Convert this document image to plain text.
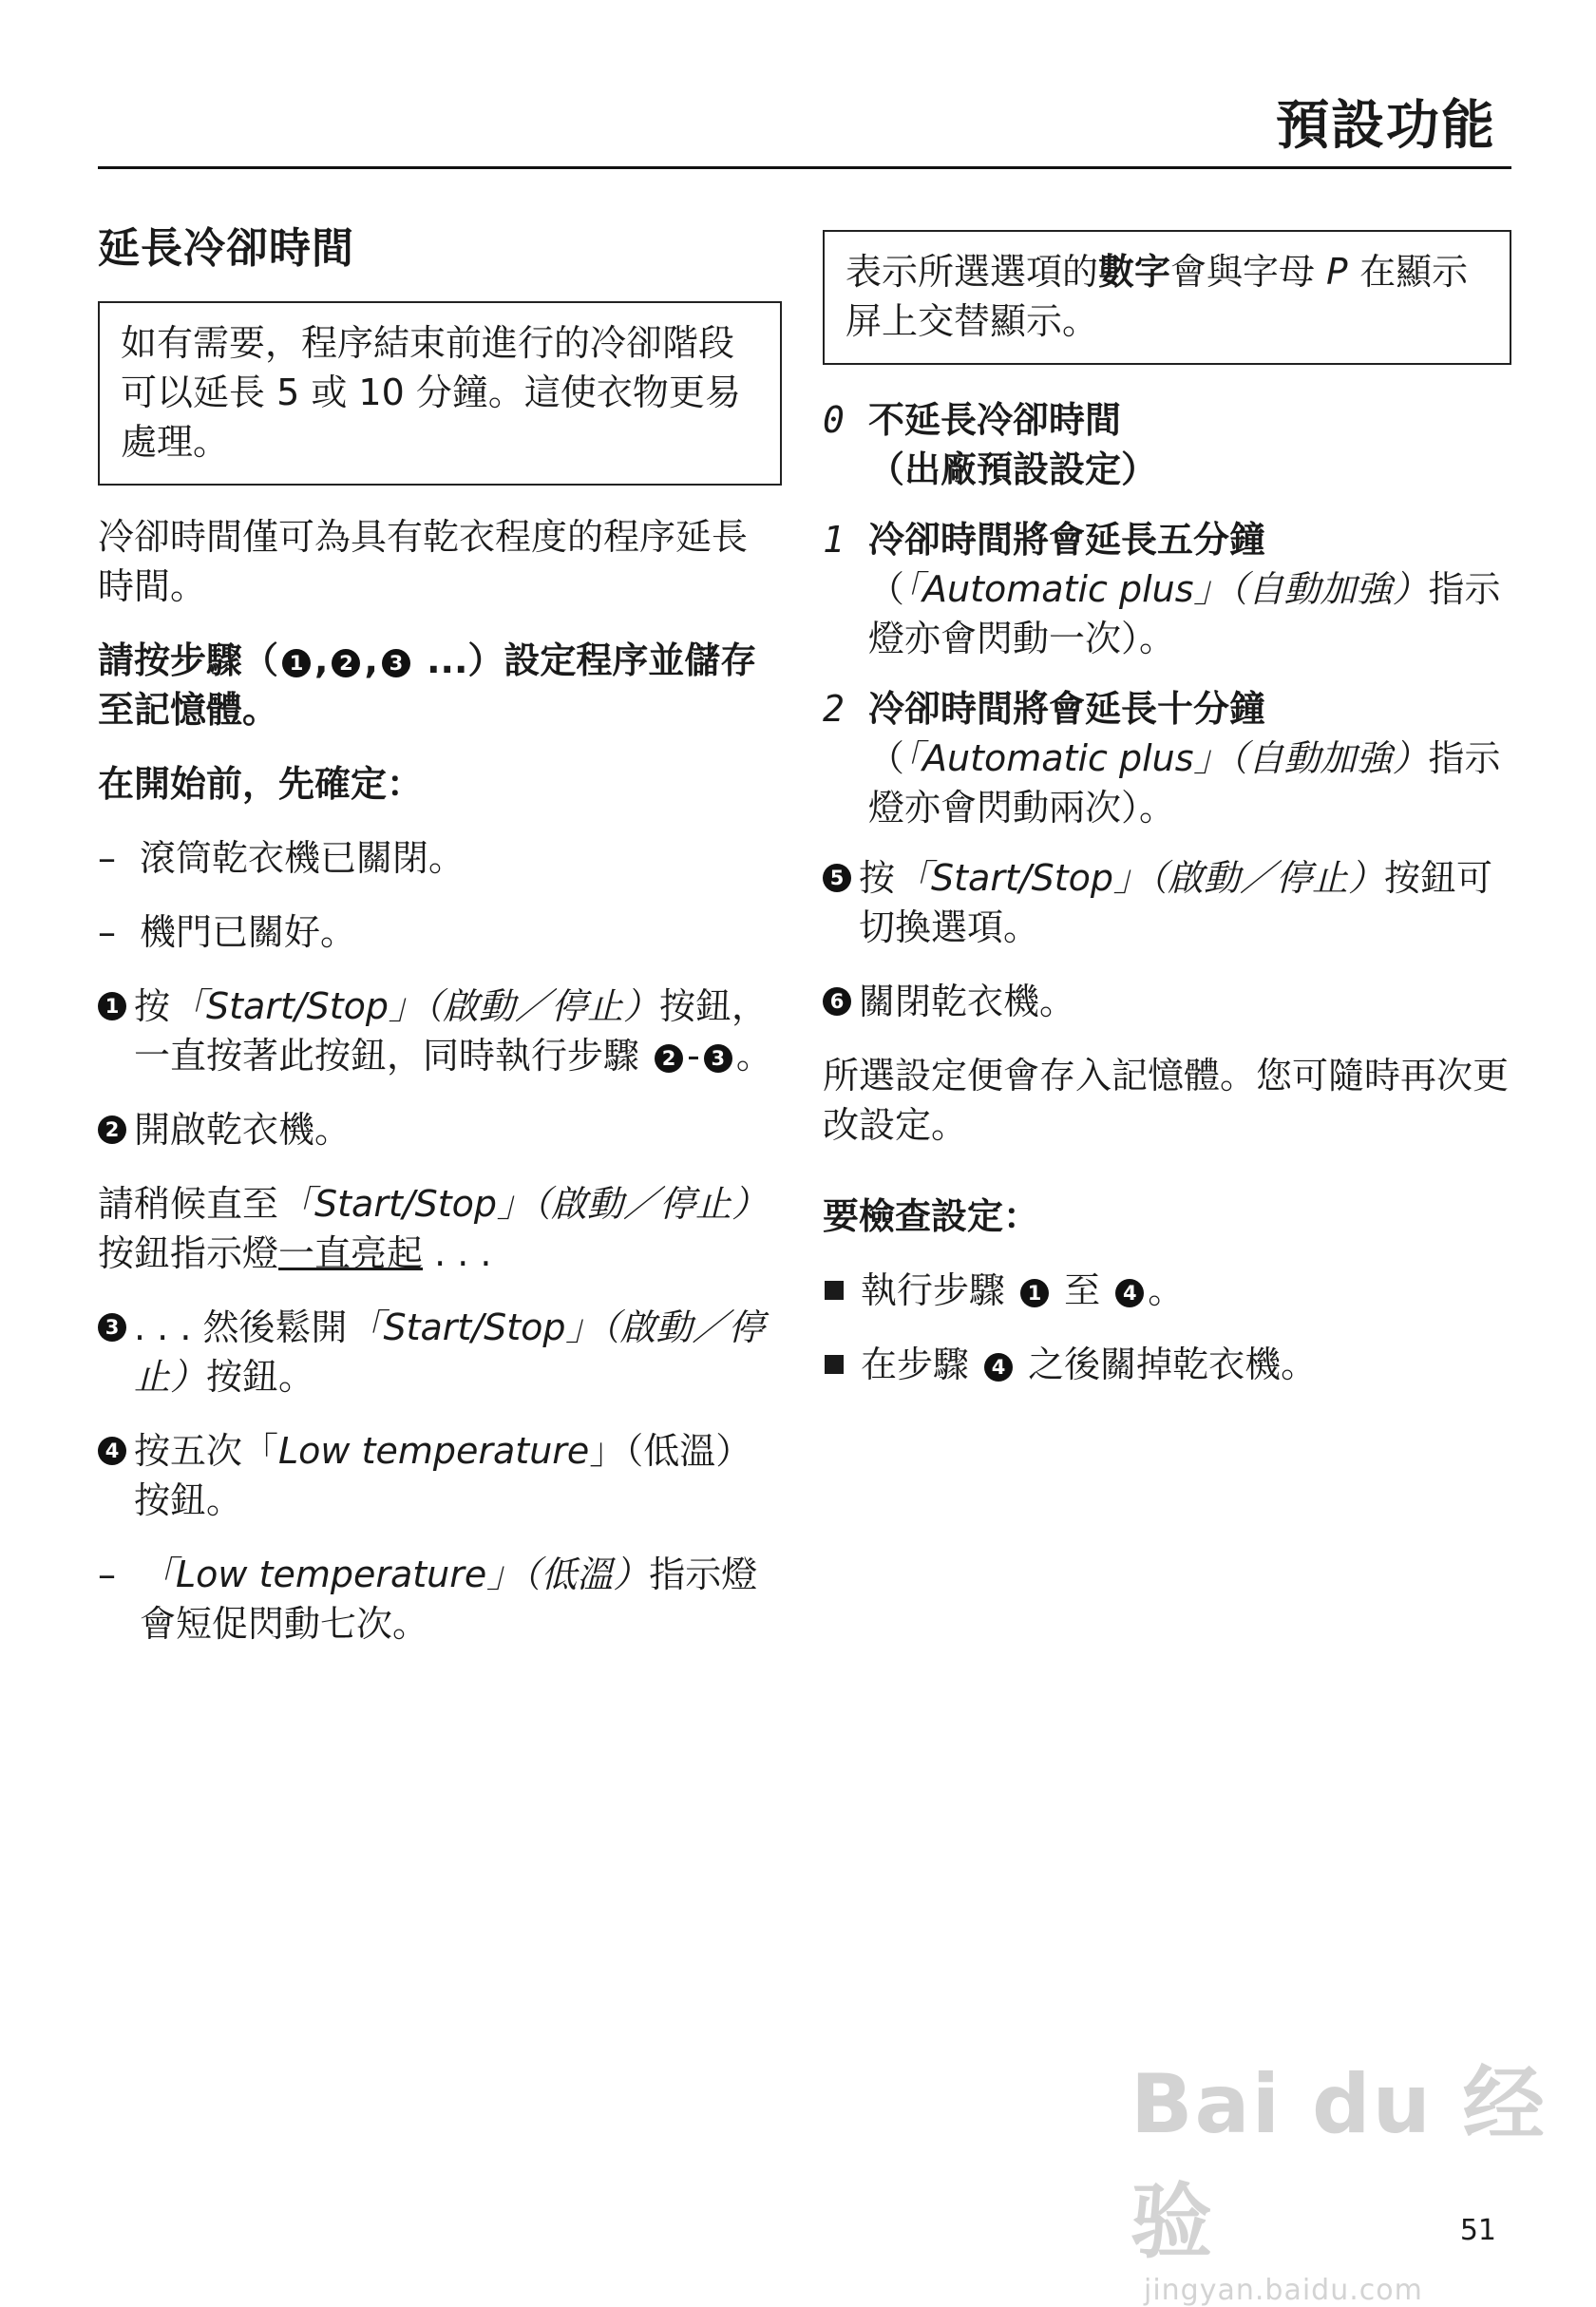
預設功能
延長冷卻時間
如有需要，程序結束前進行的冷卻階段可以延長 5 或 10 分鐘。這使衣物更易處理。
冷卻時間僅可為具有乾衣程度的程序延長時間。
請按步驟（ 1 , 2 , 3 ...）設定程序並儲存至記憶體。
在開始前，先確定：
– 滾筒乾衣機已關閉。
– 機門已關好。
1 按「Start/Stop」（啟動／停止）按鈕，一直按著此按鈕，同時執行步驟 2 - 3 。
2 開啟乾衣機。
請稍候直至「Start/Stop」（啟動／停止）按鈕指示燈一直亮起 . . .
3 . . . 然後鬆開「Start/Stop」（啟動／停止）按鈕。
4 按五次「Low temperature」（低溫）按鈕。
– 「Low temperature」（低溫）指示燈會短促閃動七次。
表示所選選項的數字會與字母 P 在顯示屏上交替顯示。
0 不延長冷卻時間
（出廠預設設定）
1 冷卻時間將會延長五分鐘
（「Automatic plus」（自動加強）指示燈亦會閃動一次）。
2 冷卻時間將會延長十分鐘
（「Automatic plus」（自動加強）指示燈亦會閃動兩次）。
5 按「Start/Stop」（啟動／停止）按鈕可切換選項。
6 關閉乾衣機。
所選設定便會存入記憶體。您可隨時再次更改設定。
要檢查設定：
執行步驟 1 至 4 。
在步驟 4 之後關掉乾衣機。
Bai du 经验
jingyan.baidu.com
51
